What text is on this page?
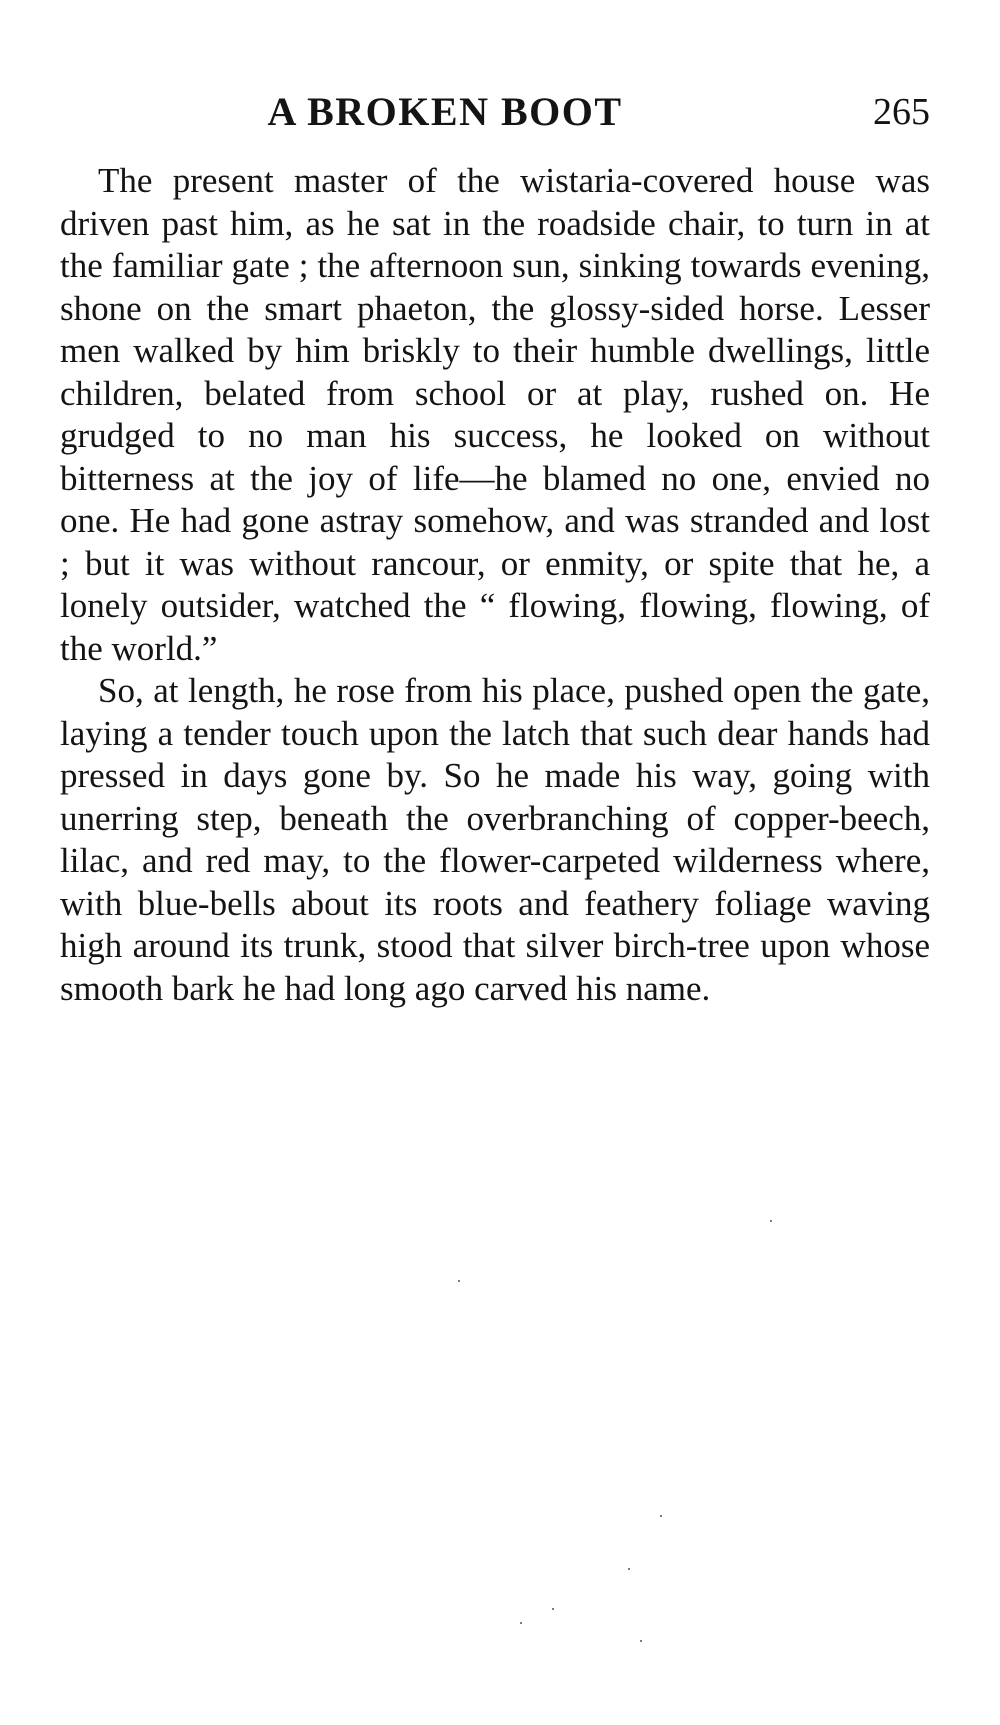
A BROKEN BOOT	265

The present master of the wistaria-covered house was driven past him, as he sat in the roadside chair, to turn in at the familiar gate ; the afternoon sun, sinking towards evening, shone on the smart phaeton, the glossy-sided horse. Lesser men walked by him briskly to their humble dwellings, little children, belated from school or at play, rushed on. He grudged to no man his success, he looked on without bitterness at the joy of life—he blamed no one, envied no one. He had gone astray somehow, and was stranded and lost ; but it was without rancour, or enmity, or spite that he, a lonely outsider, watched the “ flowing, flowing, flowing, of the world.”

So, at length, he rose from his place, pushed open the gate, laying a tender touch upon the latch that such dear hands had pressed in days gone by. So he made his way, going with unerring step, beneath the overbranching of copper-beech, lilac, and red may, to the flower-carpeted wilderness where, with blue-bells about its roots and feathery foliage waving high around its trunk, stood that silver birch-tree upon whose smooth bark he had long ago carved his name.
